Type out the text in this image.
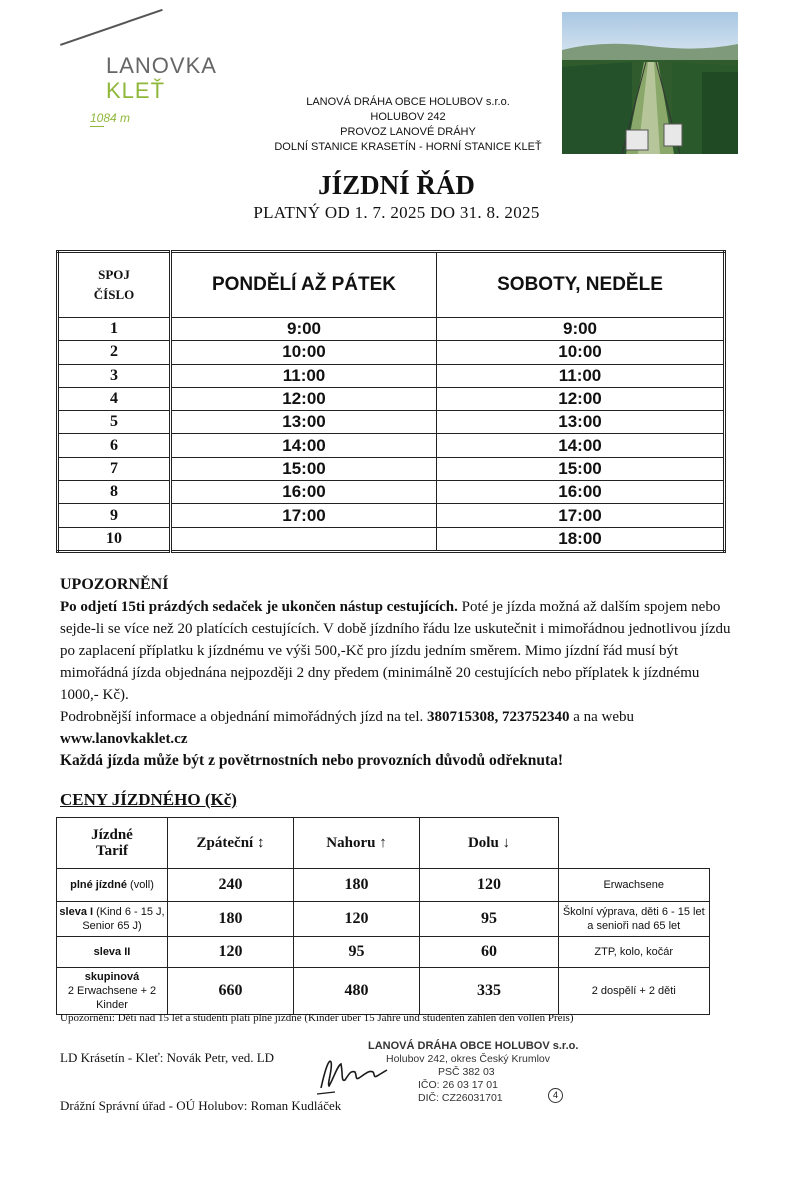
LANOVKA
KLEŤ
1084 m
LANOVÁ DRÁHA OBCE HOLUBOV s.r.o.
HOLUBOV 242
PROVOZ LANOVÉ DRÁHY
DOLNÍ STANICE KRASETÍN - HORNÍ STANICE KLEŤ
JÍZDNÍ ŘÁD
PLATNÝ OD 1. 7. 2025 DO 31. 8. 2025
SPOJ
ČÍSLO	PONDĚLÍ AŽ PÁTEK	SOBOTY, NEDĚLE
1	9:00	9:00
2	10:00	10:00
3	11:00	11:00
4	12:00	12:00
5	13:00	13:00
6	14:00	14:00
7	15:00	15:00
8	16:00	16:00
9	17:00	17:00
10		18:00
UPOZORNĚNÍ
Po odjetí 15ti prázdých sedaček je ukončen nástup cestujících. Poté je jízda možná až dalším spojem nebo sejde-li se více než 20 platících cestujících. V době jízdního řádu lze uskutečnit i mimořádnou jednotlivou jízdu po zaplacení příplatku k jízdnému ve výši 500,-Kč pro jízdu jedním směrem. Mimo jízdní řád musí být mimořádná jízda objednána nejpozději 2 dny předem (minimálně 20 cestujících nebo příplatek k jízdnému 1000,- Kč).
Podrobnější informace a objednání mimořádných jízd na tel. 380715308, 723752340 a na webu www.lanovkaklet.cz
Každá jízda může být z povětrnostních nebo provozních důvodů odřeknuta!
CENY JÍZDNÉHO (Kč)
Jízdné
Tarif	Zpáteční ↕	Nahoru ↑	Dolu ↓	
plné jízdné (voll)	240	180	120	Erwachsene
sleva I (Kind 6 - 15 J, Senior 65 J)	180	120	95	Školní výprava, děti 6 - 15 let a senioři nad 65 let
sleva II	120	95	60	ZTP, kolo, kočár
skupinová
2 Erwachsene + 2 Kinder	660	480	335	2 dospělí + 2 děti
Upozornění: Děti nad 15 let a studenti platí plné jízdné (Kinder über 15 Jahre und studenten zahlen den vollen Preis)
LD Krásetín - Kleť: Novák Petr, ved. LD
Drážní Správní úřad - OÚ Holubov: Roman Kudláček
LANOVÁ DRÁHA OBCE HOLUBOV s.r.o.
Holubov 242, okres Český Krumlov
PSČ 382 03
IČO: 26 03 17 01
DIČ: CZ26031701	4
